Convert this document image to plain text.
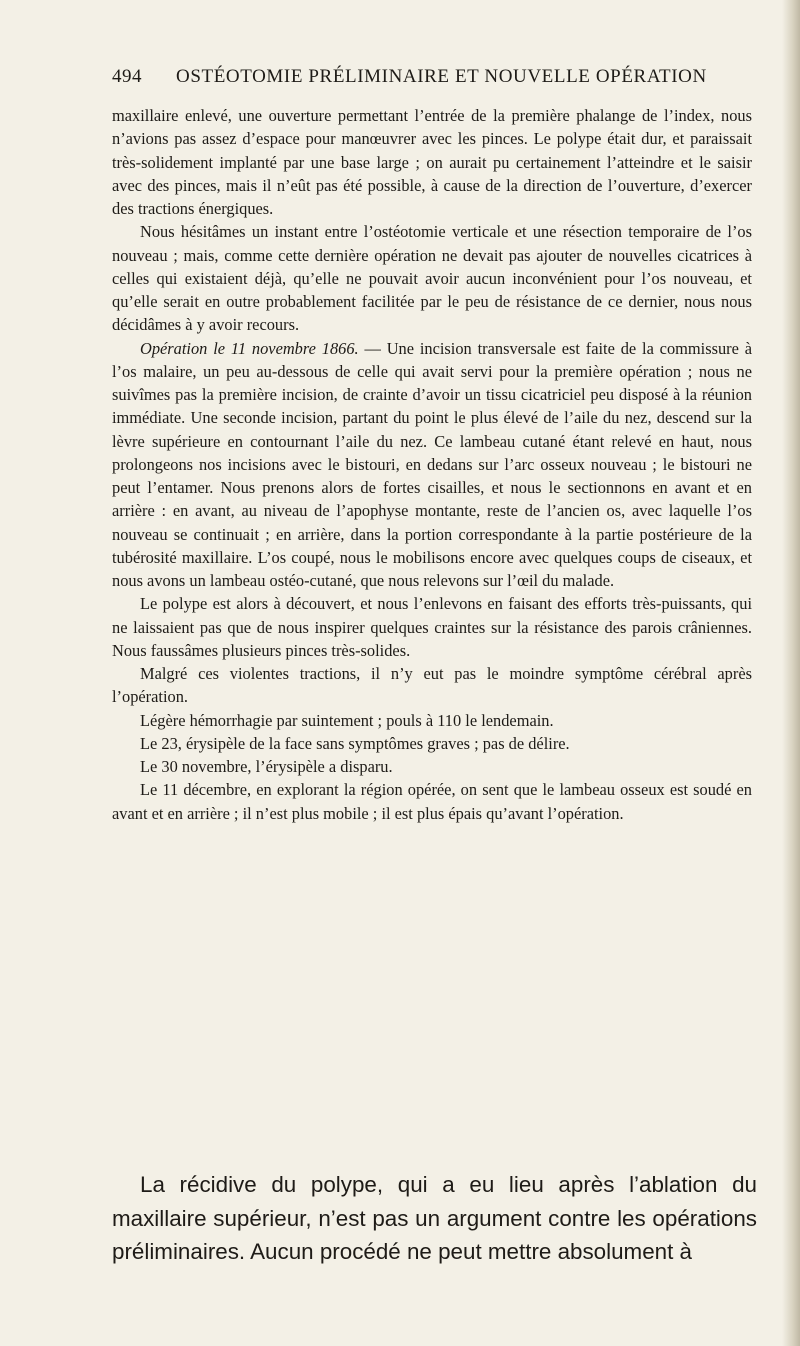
494 OSTÉOTOMIE PRÉLIMINAIRE ET NOUVELLE OPÉRATION

maxillaire enlevé, une ouverture permettant l’entrée de la première phalange de l’index, nous n’avions pas assez d’espace pour manœuvrer avec les pinces. Le polype était dur, et paraissait très-solidement implanté par une base large ; on aurait pu certainement l’atteindre et le saisir avec des pinces, mais il n’eût pas été possible, à cause de la direction de l’ouverture, d’exercer des tractions énergiques.

Nous hésitâmes un instant entre l’ostéotomie verticale et une résection temporaire de l’os nouveau ; mais, comme cette dernière opération ne devait pas ajouter de nouvelles cicatrices à celles qui existaient déjà, qu’elle ne pouvait avoir aucun inconvénient pour l’os nouveau, et qu’elle serait en outre probablement facilitée par le peu de résistance de ce dernier, nous nous décidâmes à y avoir recours.

Opération le 11 novembre 1866. — Une incision transversale est faite de la commissure à l’os malaire, un peu au-dessous de celle qui avait servi pour la première opération ; nous ne suivîmes pas la première incision, de crainte d’avoir un tissu cicatriciel peu disposé à la réunion immédiate. Une seconde incision, partant du point le plus élevé de l’aile du nez, descend sur la lèvre supérieure en contournant l’aile du nez. Ce lambeau cutané étant relevé en haut, nous prolongeons nos incisions avec le bistouri, en dedans sur l’arc osseux nouveau ; le bistouri ne peut l’entamer. Nous prenons alors de fortes cisailles, et nous le sectionnons en avant et en arrière : en avant, au niveau de l’apophyse montante, reste de l’ancien os, avec laquelle l’os nouveau se continuait ; en arrière, dans la portion correspondante à la partie postérieure de la tubérosité maxillaire. L’os coupé, nous le mobilisons encore avec quelques coups de ciseaux, et nous avons un lambeau ostéo-cutané, que nous relevons sur l’œil du malade.

Le polype est alors à découvert, et nous l’enlevons en faisant des efforts très-puissants, qui ne laissaient pas que de nous inspirer quelques craintes sur la résistance des parois crâniennes. Nous faussâmes plusieurs pinces très-solides.

Malgré ces violentes tractions, il n’y eut pas le moindre symptôme cérébral après l’opération.

Légère hémorrhagie par suintement ; pouls à 110 le lendemain.

Le 23, érysipèle de la face sans symptômes graves ; pas de délire.

Le 30 novembre, l’érysipèle a disparu.

Le 11 décembre, en explorant la région opérée, on sent que le lambeau osseux est soudé en avant et en arrière ; il n’est plus mobile ; il est plus épais qu’avant l’opération.

La récidive du polype, qui a eu lieu après l’ablation du maxillaire supérieur, n’est pas un argument contre les opérations préliminaires. Aucun procédé ne peut mettre absolument à
